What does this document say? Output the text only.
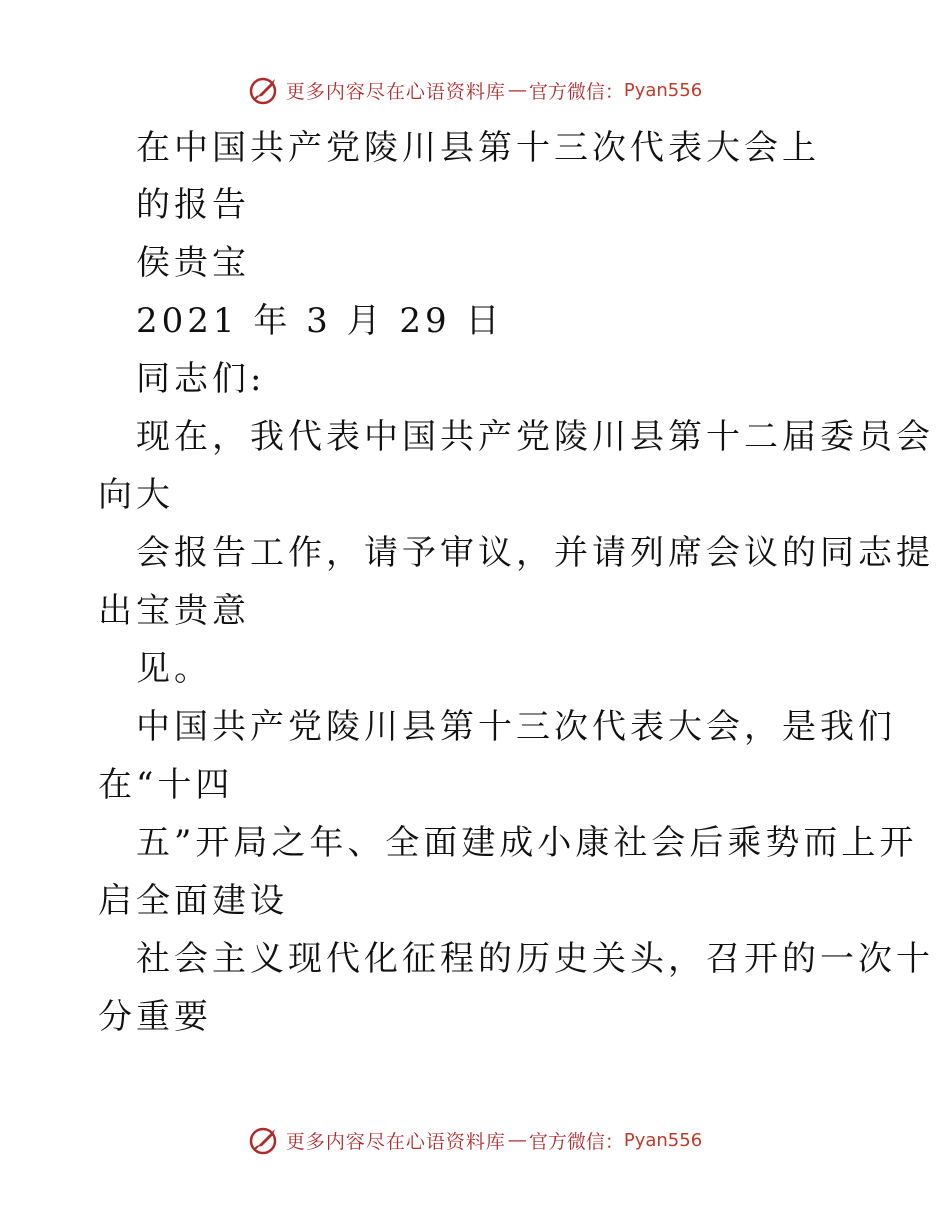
更多内容尽在心语资料库 — 官方微信： Pyan556
在中国共产党陵川县第十三次代表大会上
的报告
侯贵宝
2021 年 3 月 29 日
同志们:
现在，我代表中国共产党陵川县第十二届委员会
向大
会报告工作，请予审议，并请列席会议的同志提
出宝贵意
见。
中国共产党陵川县第十三次代表大会，是我们
在“十四
五”开局之年、全面建成小康社会后乘势而上开
启全面建设
社会主义现代化征程的历史关头，召开的一次十
分重要
更多内容尽在心语资料库 — 官方微信： Pyan556
